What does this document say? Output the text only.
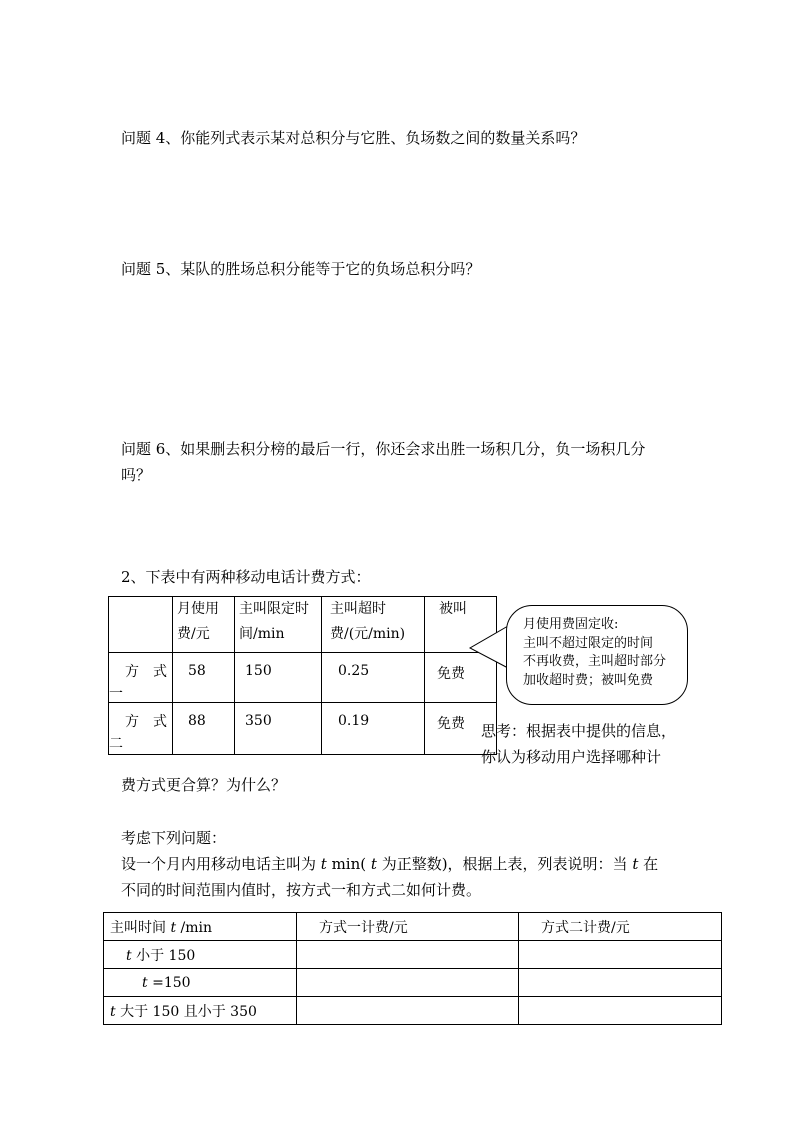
问题 4、你能列式表示某对总积分与它胜、负场数之间的数量关系吗？
问题 5、某队的胜场总积分能等于它的负场总积分吗？
问题 6、如果删去积分榜的最后一行，你还会求出胜一场积几分，负一场积几分
吗？
2、下表中有两种移动电话计费方式：

	月使用费/元	主叫限定时间/min	主叫超时费/(元/min)	被叫

方　式
一	58	150	0.25	免费

方　式
二	88	350	0.19	免费
月使用费固定收:
主叫不超过限定的时间
不再收费，主叫超时部分
加收超时费；被叫免费
思考：根据表中提供的信息，
你认为移动用户选择哪种计
费方式更合算？为什么？
考虑下列问题：
设一个月内用移动电话主叫为 t min( t 为正整数)，根据上表，列表说明：当 t 在
不同的时间范围内值时，按方式一和方式二如何计费。
主叫时间 t /min	方式一计费/元	方式二计费/元
t 小于 150		
t =150		
t 大于 150 且小于 350		
